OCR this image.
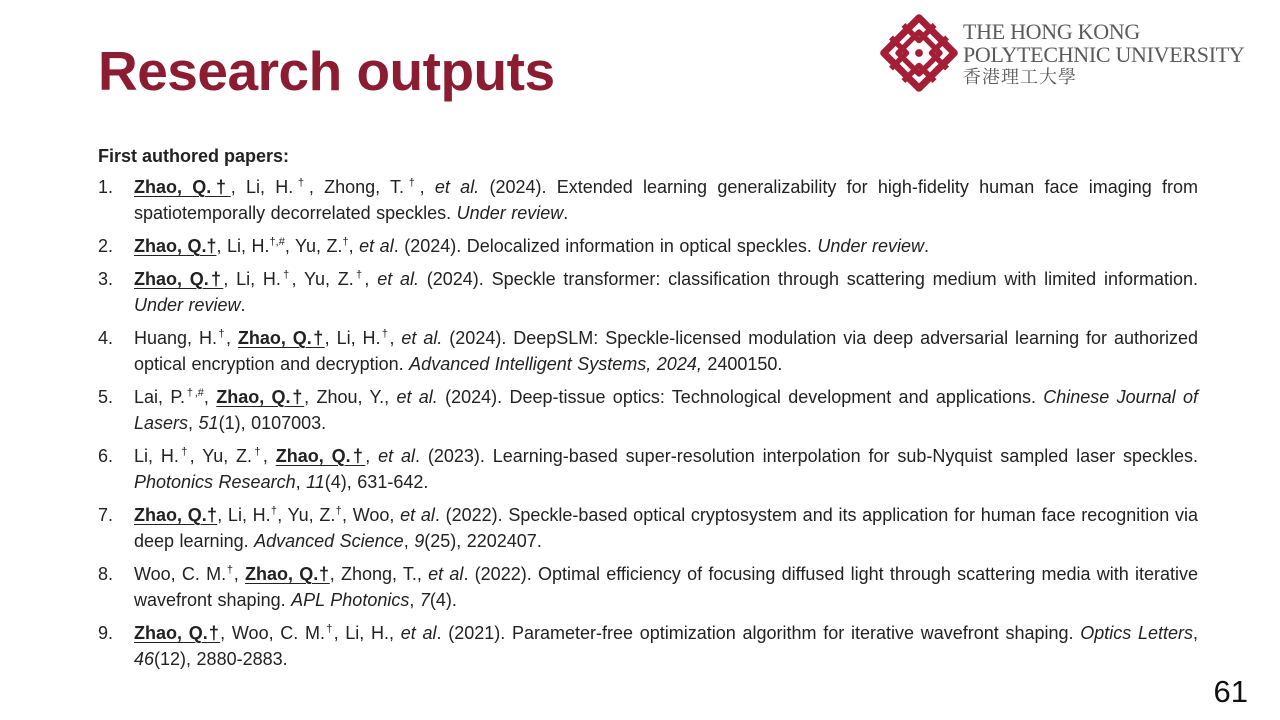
Research outputs
THE HONG KONG
POLYTECHNIC UNIVERSITY
香港理工大學
First authored papers:
1. Zhao, Q.†, Li, H.†, Zhong, T.†, et al. (2024). Extended learning generalizability for high-fidelity human face imaging from spatiotemporally decorrelated speckles. Under review.
2. Zhao, Q.†, Li, H.†,#, Yu, Z.†, et al. (2024). Delocalized information in optical speckles. Under review.
3. Zhao, Q.†, Li, H.†, Yu, Z.†, et al. (2024). Speckle transformer: classification through scattering medium with limited information. Under review.
4. Huang, H.†, Zhao, Q.†, Li, H.†, et al. (2024). DeepSLM: Speckle-licensed modulation via deep adversarial learning for authorized optical encryption and decryption. Advanced Intelligent Systems, 2024, 2400150.
5. Lai, P.†,#, Zhao, Q.†, Zhou, Y., et al. (2024). Deep-tissue optics: Technological development and applications. Chinese Journal of Lasers, 51(1), 0107003.
6. Li, H.†, Yu, Z.†, Zhao, Q.†, et al. (2023). Learning-based super-resolution interpolation for sub-Nyquist sampled laser speckles. Photonics Research, 11(4), 631-642.
7. Zhao, Q.†, Li, H.†, Yu, Z.†, Woo, et al. (2022). Speckle-based optical cryptosystem and its application for human face recognition via deep learning. Advanced Science, 9(25), 2202407.
8. Woo, C. M.†, Zhao, Q.†, Zhong, T., et al. (2022). Optimal efficiency of focusing diffused light through scattering media with iterative wavefront shaping. APL Photonics, 7(4).
9. Zhao, Q.†, Woo, C. M.†, Li, H., et al. (2021). Parameter-free optimization algorithm for iterative wavefront shaping. Optics Letters, 46(12), 2880-2883.
61
